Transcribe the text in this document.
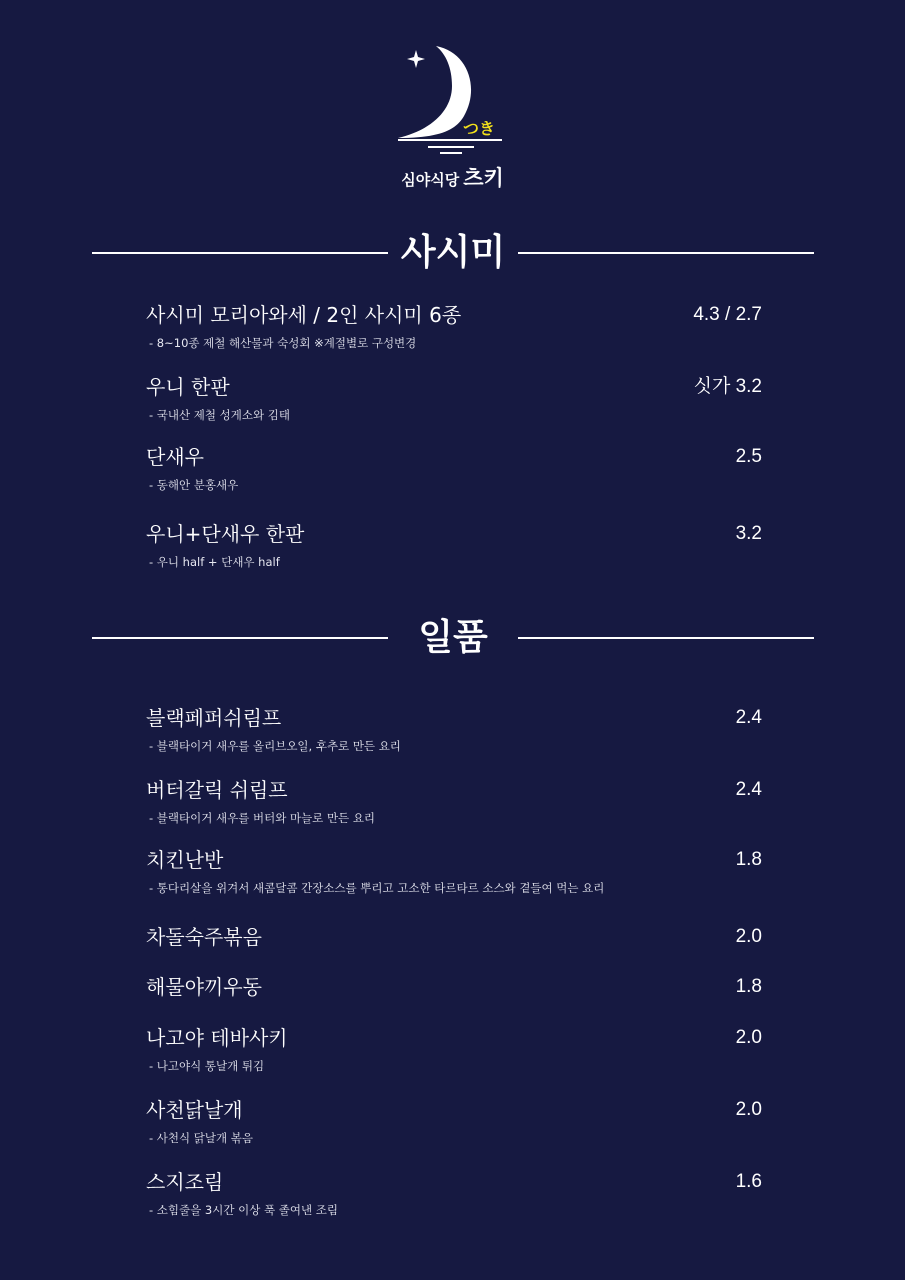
つき
심야식당 츠키
사시미
사시미 모리아와세 / 2인 사시미 6종	4.3 / 2.7
- 8~10종 제철 해산물과 숙성회 ※계절별로 구성변경
우니 한판	싯가 3.2
- 국내산 제철 성게소와 김태
단새우	2.5
- 동해안 분홍새우
우니+단새우 한판	3.2
- 우니 half + 단새우 half
일품
블랙페퍼쉬림프	2.4
- 블랙타이거 새우를 올리브오일, 후추로 만든 요리
버터갈릭 쉬림프	2.4
- 블랙타이거 새우를 버터와 마늘로 만든 요리
치킨난반	1.8
- 통다리살을 위겨서 새콤달콤 간장소스를 뿌리고 고소한 타르타르 소스와 곁들여 먹는 요리
차돌숙주볶음	2.0
해물야끼우동	1.8
나고야 테바사키	2.0
- 나고야식 통날개 튀김
사천닭날개	2.0
- 사천식 닭날개 볶음
스지조림	1.6
- 소힘줄을 3시간 이상 푹 졸여낸 조림
